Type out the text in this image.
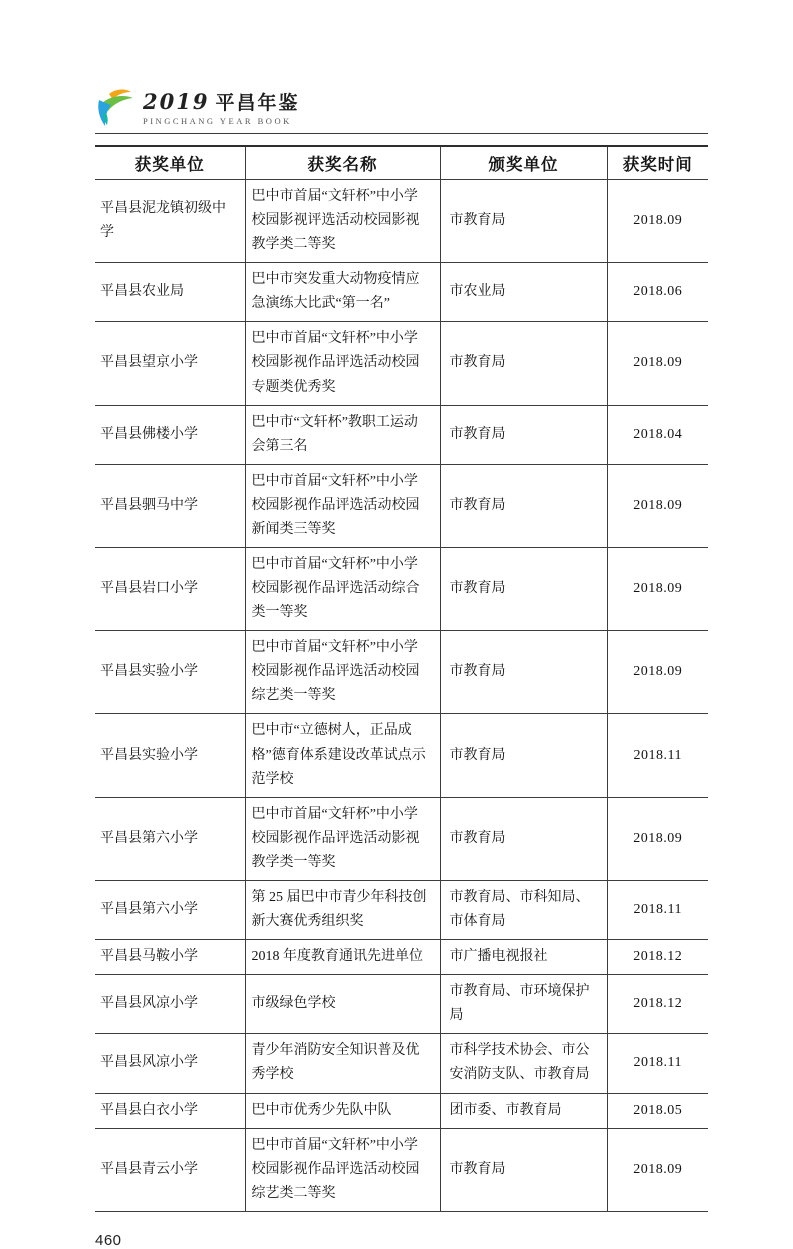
2019 平昌年鉴
PINGCHANG YEAR BOOK
获奖单位	获奖名称	颁奖单位	获奖时间
平昌县泥龙镇初级中学	巴中市首届“文轩杯”中小学校园影视评选活动校园影视教学类二等奖	市教育局	2018.09
平昌县农业局	巴中市突发重大动物疫情应急演练大比武“第一名”	市农业局	2018.06
平昌县望京小学	巴中市首届“文轩杯”中小学校园影视作品评选活动校园专题类优秀奖	市教育局	2018.09
平昌县佛楼小学	巴中市“文轩杯”教职工运动会第三名	市教育局	2018.04
平昌县驷马中学	巴中市首届“文轩杯”中小学校园影视作品评选活动校园新闻类三等奖	市教育局	2018.09
平昌县岩口小学	巴中市首届“文轩杯”中小学校园影视作品评选活动综合类一等奖	市教育局	2018.09
平昌县实验小学	巴中市首届“文轩杯”中小学校园影视作品评选活动校园综艺类一等奖	市教育局	2018.09
平昌县实验小学	巴中市“立德树人，正品成格”德育体系建设改革试点示范学校	市教育局	2018.11
平昌县第六小学	巴中市首届“文轩杯”中小学校园影视作品评选活动影视教学类一等奖	市教育局	2018.09
平昌县第六小学	第 25 届巴中市青少年科技创新大赛优秀组织奖	市教育局、市科知局、市体育局	2018.11
平昌县马鞍小学	2018 年度教育通讯先进单位	市广播电视报社	2018.12
平昌县风凉小学	市级绿色学校	市教育局、市环境保护局	2018.12
平昌县风凉小学	青少年消防安全知识普及优秀学校	市科学技术协会、市公安消防支队、市教育局	2018.11
平昌县白衣小学	巴中市优秀少先队中队	团市委、市教育局	2018.05
平昌县青云小学	巴中市首届“文轩杯”中小学校园影视作品评选活动校园综艺类二等奖	市教育局	2018.09
460
